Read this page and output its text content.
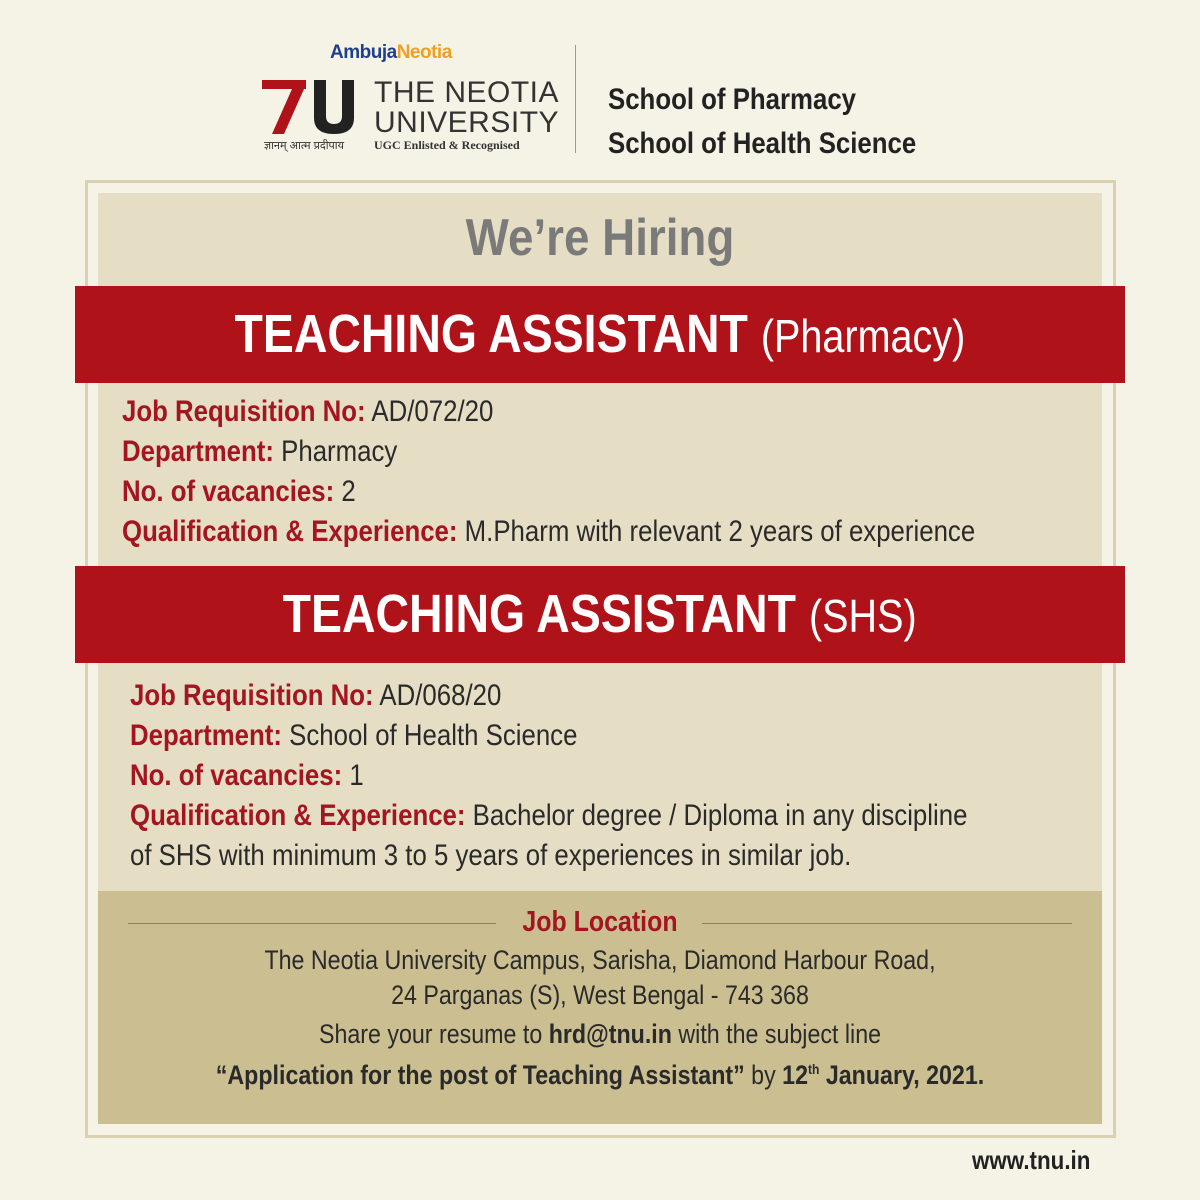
AmbujaNeotia
THE NEOTIA
UNIVERSITY
ज्ञानम् आत्म प्रदीपाय UGC Enlisted & Recognised
School of Pharmacy
School of Health Science
We’re Hiring
TEACHING ASSISTANT (Pharmacy)
Job Requisition No: AD/072/20
Department: Pharmacy
No. of vacancies: 2
Qualification & Experience: M.Pharm with relevant 2 years of experience
TEACHING ASSISTANT (SHS)
Job Requisition No: AD/068/20
Department: School of Health Science
No. of vacancies: 1
Qualification & Experience: Bachelor degree / Diploma in any discipline
of SHS with minimum 3 to 5 years of experiences in similar job.
Job Location
The Neotia University Campus, Sarisha, Diamond Harbour Road,
24 Parganas (S), West Bengal - 743 368
Share your resume to hrd@tnu.in with the subject line
“Application for the post of Teaching Assistant” by 12th January, 2021.
www.tnu.in
